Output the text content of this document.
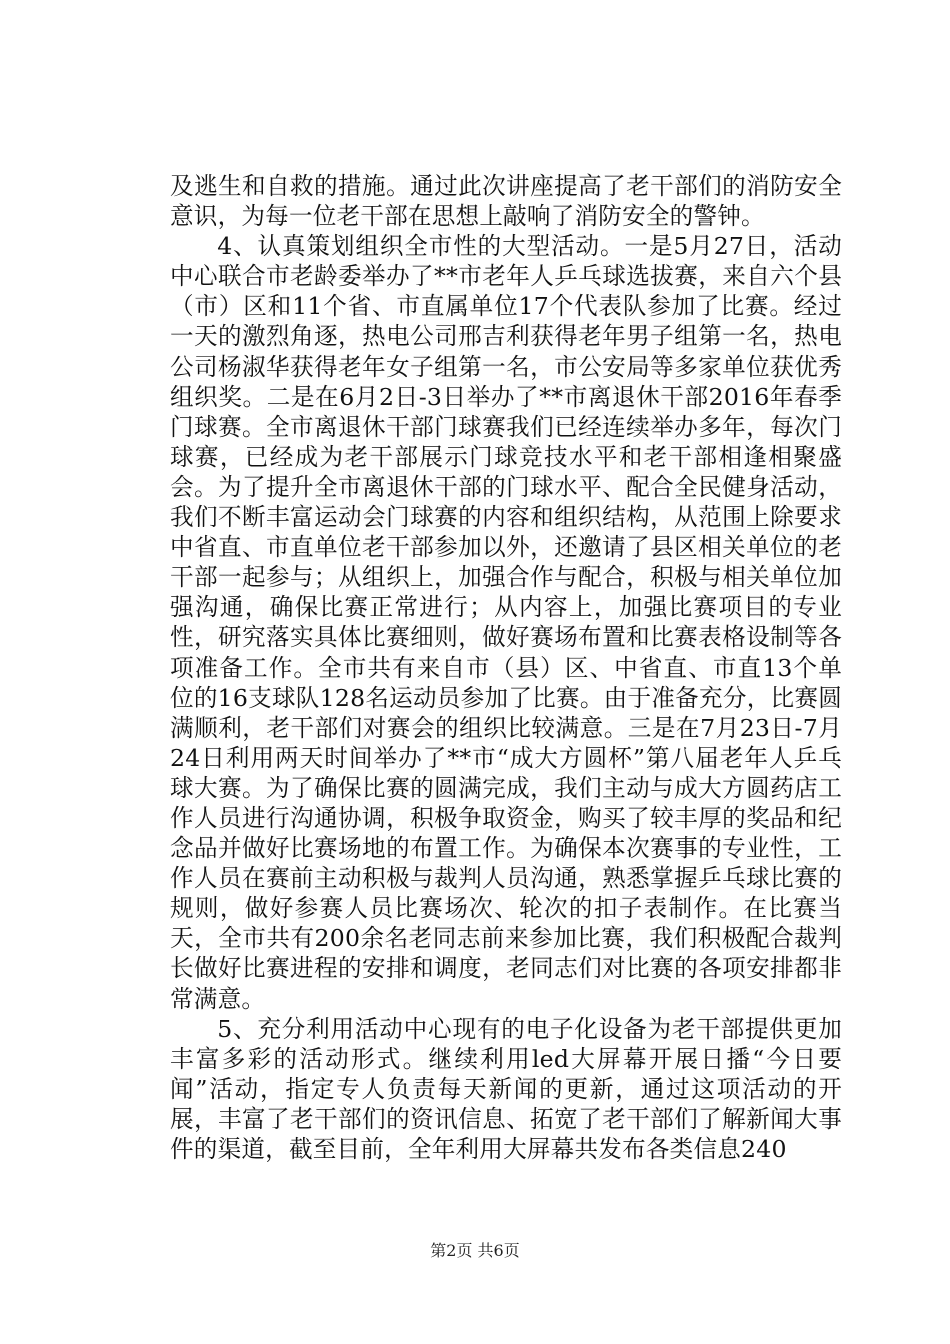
及逃生和自救的措施。通过此次讲座提高了老干部们的消防安全意识，为每一位老干部在思想上敲响了消防安全的警钟。

4、认真策划组织全市性的大型活动。一是5月27日，活动中心联合市老龄委举办了**市老年人乒乓球选拔赛，来自六个县（市）区和11个省、市直属单位17个代表队参加了比赛。经过一天的激烈角逐，热电公司邢吉利获得老年男子组第一名，热电公司杨淑华获得老年女子组第一名，市公安局等多家单位获优秀组织奖。二是在6月2日-3日举办了**市离退休干部2016年春季门球赛。全市离退休干部门球赛我们已经连续举办多年，每次门球赛，已经成为老干部展示门球竞技水平和老干部相逢相聚盛会。为了提升全市离退休干部的门球水平、配合全民健身活动，我们不断丰富运动会门球赛的内容和组织结构，从范围上除要求中省直、市直单位老干部参加以外，还邀请了县区相关单位的老干部一起参与；从组织上，加强合作与配合，积极与相关单位加强沟通，确保比赛正常进行；从内容上，加强比赛项目的专业性，研究落实具体比赛细则，做好赛场布置和比赛表格设制等各项准备工作。全市共有来自市（县）区、中省直、市直13个单位的16支球队128名运动员参加了比赛。由于准备充分，比赛圆满顺利，老干部们对赛会的组织比较满意。三是在7月23日-7月24日利用两天时间举办了**市“成大方圆杯”第八届老年人乒乓球大赛。为了确保比赛的圆满完成，我们主动与成大方圆药店工作人员进行沟通协调，积极争取资金，购买了较丰厚的奖品和纪念品并做好比赛场地的布置工作。为确保本次赛事的专业性，工作人员在赛前主动积极与裁判人员沟通，熟悉掌握乒乓球比赛的规则，做好参赛人员比赛场次、轮次的扣子表制作。在比赛当天，全市共有200余名老同志前来参加比赛，我们积极配合裁判长做好比赛进程的安排和调度，老同志们对比赛的各项安排都非常满意。

5、充分利用活动中心现有的电子化设备为老干部提供更加丰富多彩的活动形式。继续利用led大屏幕开展日播“今日要闻”活动，指定专人负责每天新闻的更新，通过这项活动的开展，丰富了老干部们的资讯信息、拓宽了老干部们了解新闻大事件的渠道，截至目前，全年利用大屏幕共发布各类信息240

第2页 共6页
